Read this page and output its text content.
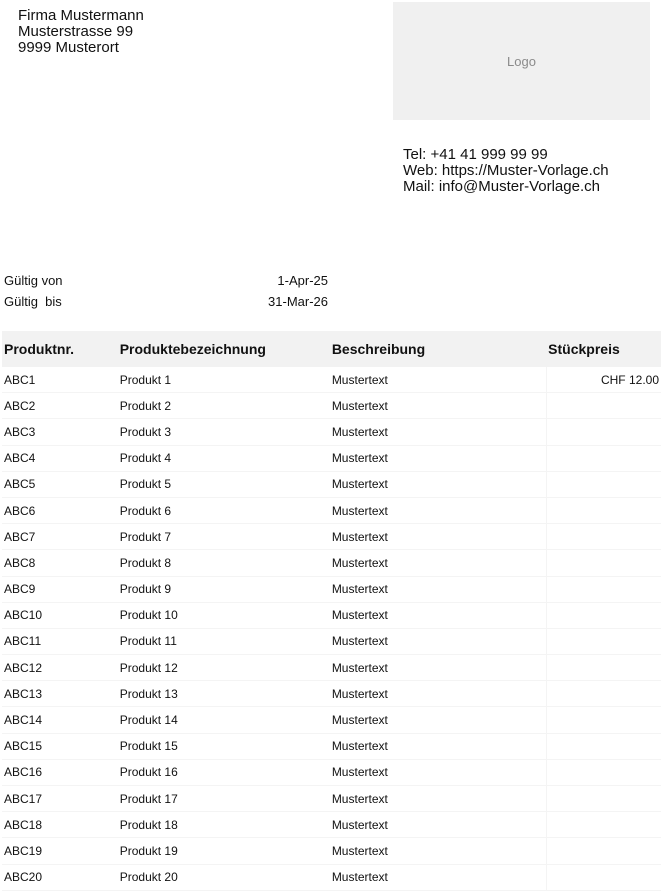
Firma Mustermann
Musterstrasse 99
9999 Musterort
Logo
Tel: +41 41 999 99 99
Web: https://Muster-Vorlage.ch
Mail: info@Muster-Vorlage.ch
Gültig von	1-Apr-25
Gültig  bis	31-Mar-26
Produktnr.	Produktebezeichnung	Beschreibung	Stückpreis
ABC1	Produkt 1	Mustertext	CHF 12.00
ABC2	Produkt 2	Mustertext	
ABC3	Produkt 3	Mustertext	
ABC4	Produkt 4	Mustertext	
ABC5	Produkt 5	Mustertext	
ABC6	Produkt 6	Mustertext	
ABC7	Produkt 7	Mustertext	
ABC8	Produkt 8	Mustertext	
ABC9	Produkt 9	Mustertext	
ABC10	Produkt 10	Mustertext	
ABC11	Produkt 11	Mustertext	
ABC12	Produkt 12	Mustertext	
ABC13	Produkt 13	Mustertext	
ABC14	Produkt 14	Mustertext	
ABC15	Produkt 15	Mustertext	
ABC16	Produkt 16	Mustertext	
ABC17	Produkt 17	Mustertext	
ABC18	Produkt 18	Mustertext	
ABC19	Produkt 19	Mustertext	
ABC20	Produkt 20	Mustertext	
